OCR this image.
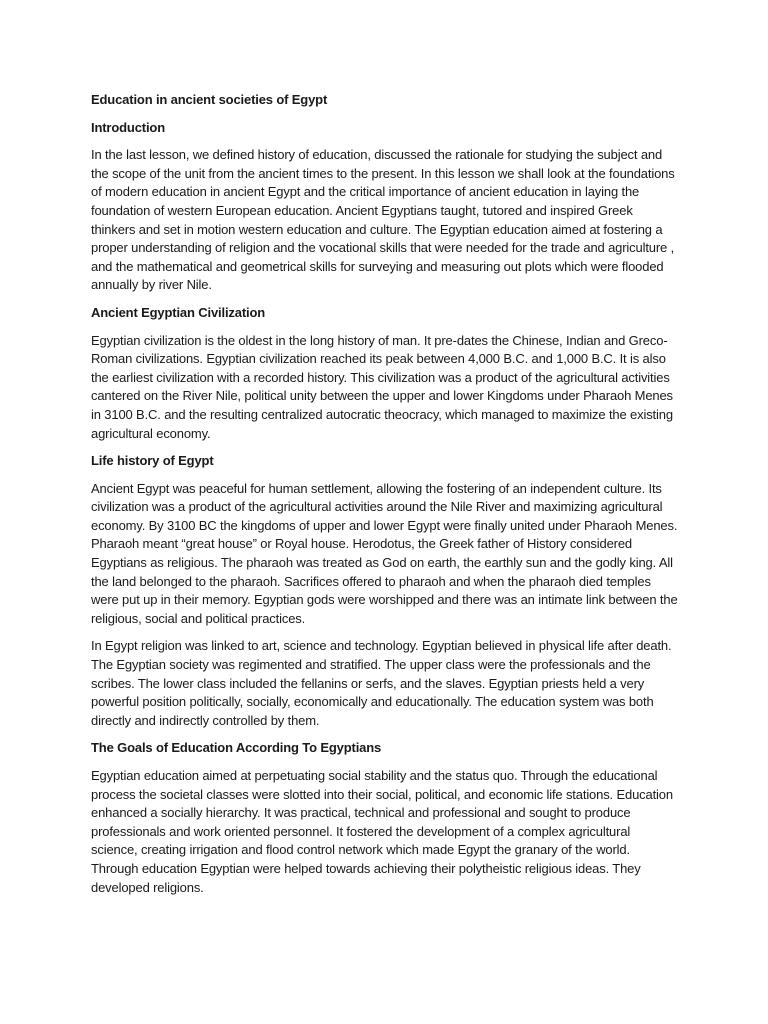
Education in ancient societies of Egypt
Introduction

In the last lesson, we defined history of education, discussed the rationale for studying the subject and the scope of the unit from the ancient times to the present. In this lesson we shall look at the foundations of modern education in ancient Egypt and the critical importance of ancient education in laying the foundation of western European education. Ancient Egyptians taught, tutored and inspired Greek thinkers and set in motion western education and culture. The Egyptian education aimed at fostering a proper understanding of religion and the vocational skills that were needed for the trade and agriculture , and the mathematical and geometrical skills for surveying and measuring out plots which were flooded annually by river Nile.

Ancient Egyptian Civilization

Egyptian civilization is the oldest in the long history of man. It pre-dates the Chinese, Indian and Greco-Roman civilizations. Egyptian civilization reached its peak between 4,000 B.C. and 1,000 B.C. It is also the earliest civilization with a recorded history. This civilization was a product of the agricultural activities cantered on the River Nile, political unity between the upper and lower Kingdoms under Pharaoh Menes in 3100 B.C. and the resulting centralized autocratic theocracy, which managed to maximize the existing agricultural economy.

Life history of Egypt

Ancient Egypt was peaceful for human settlement, allowing the fostering of an independent culture. Its civilization was a product of the agricultural activities around the Nile River and maximizing agricultural economy. By 3100 BC the kingdoms of upper and lower Egypt were finally united under Pharaoh Menes. Pharaoh meant “great house” or Royal house. Herodotus, the Greek father of History considered Egyptians as religious. The pharaoh was treated as God on earth, the earthly sun and the godly king. All the land belonged to the pharaoh. Sacrifices offered to pharaoh and when the pharaoh died temples were put up in their memory. Egyptian gods were worshipped and there was an intimate link between the religious, social and political practices.

In Egypt religion was linked to art, science and technology. Egyptian believed in physical life after death. The Egyptian society was regimented and stratified. The upper class were the professionals and the scribes. The lower class included the fellanins or serfs, and the slaves. Egyptian priests held a very powerful position politically, socially, economically and educationally. The education system was both directly and indirectly controlled by them.

The Goals of Education According To Egyptians

Egyptian education aimed at perpetuating social stability and the status quo. Through the educational process the societal classes were slotted into their social, political, and economic life stations. Education enhanced a socially hierarchy. It was practical, technical and professional and sought to produce professionals and work oriented personnel. It fostered the development of a complex agricultural science, creating irrigation and flood control network which made Egypt the granary of the world. Through education Egyptian were helped towards achieving their polytheistic religious ideas. They developed religions.
